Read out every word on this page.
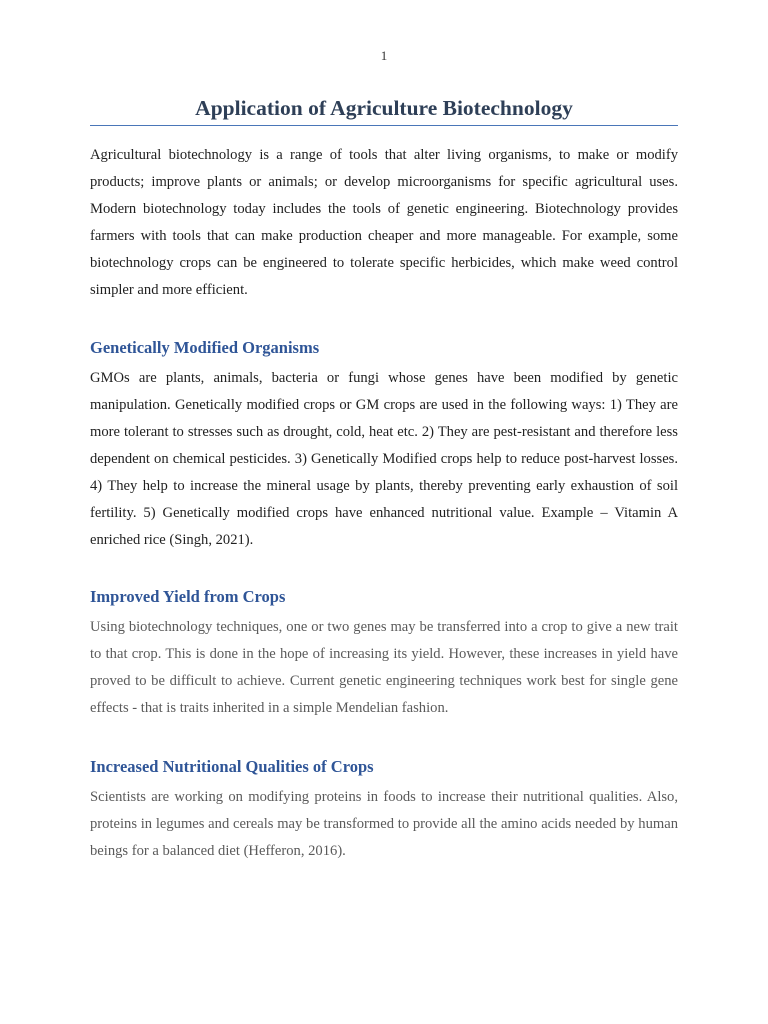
1
Application of Agriculture Biotechnology

Agricultural biotechnology is a range of tools that alter living organisms, to make or modify products; improve plants or animals; or develop microorganisms for specific agricultural uses. Modern biotechnology today includes the tools of genetic engineering. Biotechnology provides farmers with tools that can make production cheaper and more manageable. For example, some biotechnology crops can be engineered to tolerate specific herbicides, which make weed control simpler and more efficient.

Genetically Modified Organisms

GMOs are plants, animals, bacteria or fungi whose genes have been modified by genetic manipulation. Genetically modified crops or GM crops are used in the following ways: 1) They are more tolerant to stresses such as drought, cold, heat etc. 2) They are pest-resistant and therefore less dependent on chemical pesticides. 3) Genetically Modified crops help to reduce post-harvest losses. 4) They help to increase the mineral usage by plants, thereby preventing early exhaustion of soil fertility. 5) Genetically modified crops have enhanced nutritional value. Example – Vitamin A enriched rice (Singh, 2021).

Improved Yield from Crops

Using biotechnology techniques, one or two genes may be transferred into a crop to give a new trait to that crop. This is done in the hope of increasing its yield. However, these increases in yield have proved to be difficult to achieve. Current genetic engineering techniques work best for single gene effects - that is traits inherited in a simple Mendelian fashion.

Increased Nutritional Qualities of Crops

Scientists are working on modifying proteins in foods to increase their nutritional qualities. Also, proteins in legumes and cereals may be transformed to provide all the amino acids needed by human beings for a balanced diet (Hefferon, 2016).
